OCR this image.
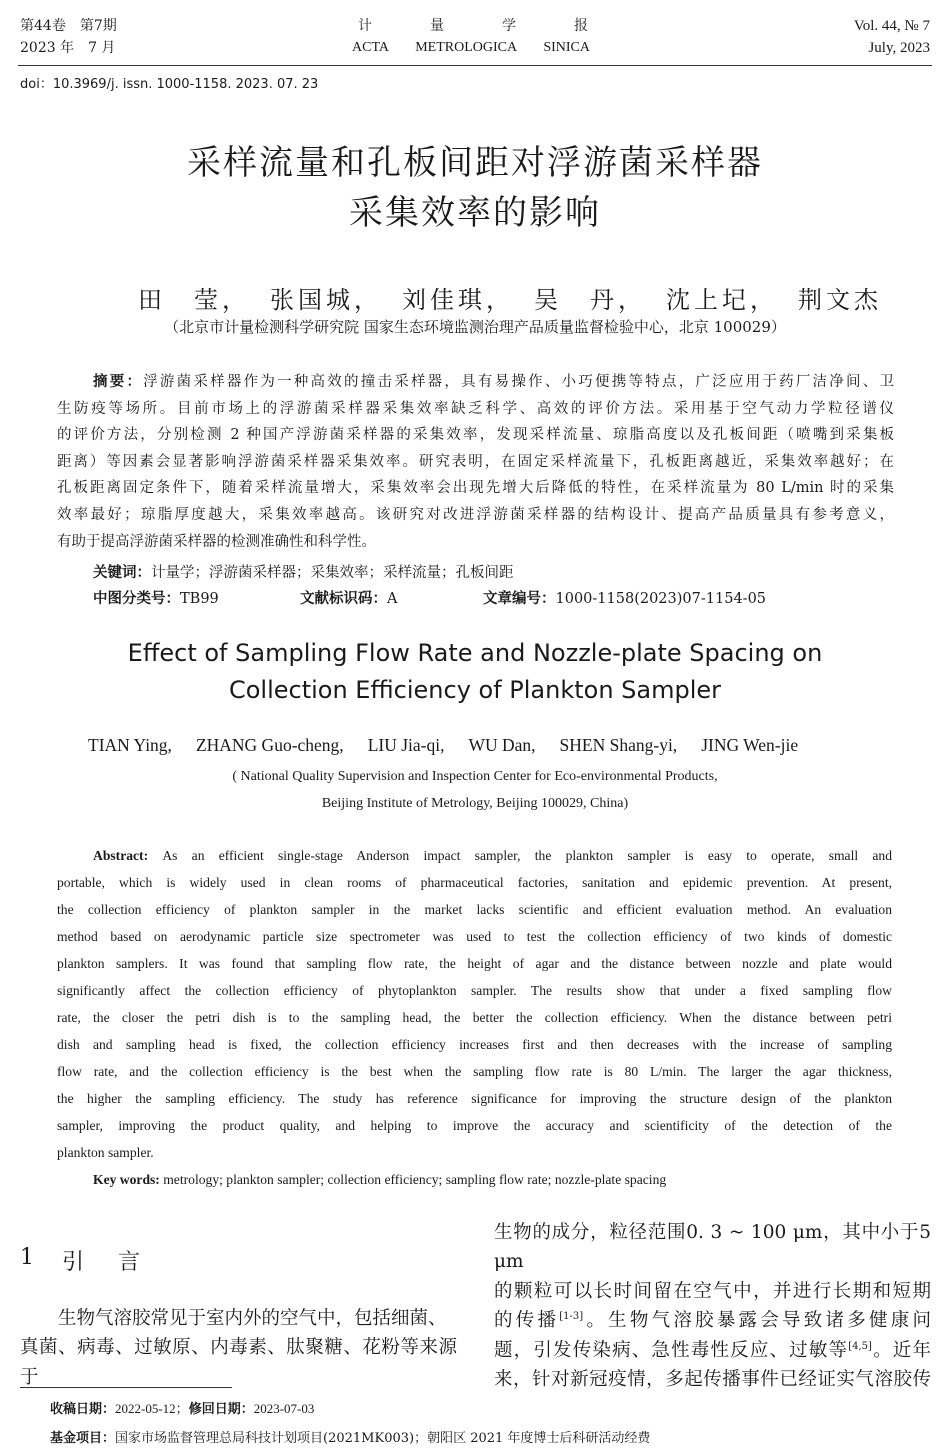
第44卷　 第7期
2023 年　7 月
计	量	学	报
ACTA METROLOGICA SINICA
Vol. 44, № 7
July, 2023
doi：10.3969/j. issn. 1000-1158. 2023. 07. 23
采样流量和孔板间距对浮游菌采样器
采集效率的影响
田　莹， 张国城， 刘佳琪， 吴　丹， 沈上圮， 荆文杰
（北京市计量检测科学研究院 国家生态环境监测治理产品质量监督检验中心，北京 100029）
摘要：浮游菌采样器作为一种高效的撞击采样器，具有易操作、小巧便携等特点，广泛应用于药厂洁净间、卫
生防疫等场所。目前市场上的浮游菌采样器采集效率缺乏科学、高效的评价方法。采用基于空气动力学粒径谱仪
的评价方法，分别检测 2 种国产浮游菌采样器的采集效率，发现采样流量、琼脂高度以及孔板间距（喷嘴到采集板
距离）等因素会显著影响浮游菌采样器采集效率。研究表明，在固定采样流量下，孔板距离越近，采集效率越好；在
孔板距离固定条件下，随着采样流量增大，采集效率会出现先增大后降低的特性，在采样流量为 80 L/min 时的采集
效率最好；琼脂厚度越大，采集效率越高。该研究对改进浮游菌采样器的结构设计、提高产品质量具有参考意义，
有助于提高浮游菌采样器的检测准确性和科学性。
关键词：计量学；浮游菌采样器；采集效率；采样流量；孔板间距
中图分类号：TB99	文献标识码：A	文章编号：1000-1158(2023)07-1154-05
Effect of Sampling Flow Rate and Nozzle-plate Spacing on
Collection Efficiency of Plankton Sampler
TIAN Ying, ZHANG Guo-cheng, LIU Jia-qi, WU Dan, SHEN Shang-yi, JING Wen-jie
( National Quality Supervision and Inspection Center for Eco-environmental Products,
Beijing Institute of Metrology, Beijing 100029, China)
Abstract: As an efficient single-stage Anderson impact sampler, the plankton sampler is easy to operate, small and
portable, which is widely used in clean rooms of pharmaceutical factories, sanitation and epidemic prevention. At present,
the collection efficiency of plankton sampler in the market lacks scientific and efficient evaluation method. An evaluation
method based on aerodynamic particle size spectrometer was used to test the collection efficiency of two kinds of domestic
plankton samplers. It was found that sampling flow rate, the height of agar and the distance between nozzle and plate would
significantly affect the collection efficiency of phytoplankton sampler. The results show that under a fixed sampling flow
rate, the closer the petri dish is to the sampling head, the better the collection efficiency. When the distance between petri
dish and sampling head is fixed, the collection efficiency increases first and then decreases with the increase of sampling
flow rate, and the collection efficiency is the best when the sampling flow rate is 80 L/min. The larger the agar thickness,
the higher the sampling efficiency. The study has reference significance for improving the structure design of the plankton
sampler, improving the product quality, and helping to improve the accuracy and scientificity of the detection of the
plankton sampler.
Key words: metrology; plankton sampler; collection efficiency; sampling flow rate; nozzle-plate spacing
1 引　言
生物气溶胶常见于室内外的空气中，包括细菌、
真菌、病毒、过敏原、内毒素、肽聚糖、花粉等来源于
生物的成分，粒径范围0. 3 ~ 100 μm，其中小于5 μm
的颗粒可以长时间留在空气中，并进行长期和短期
的传播[1-3]。生物气溶胶暴露会导致诸多健康问
题，引发传染病、急性毒性反应、过敏等[4,5]。近年
来，针对新冠疫情，多起传播事件已经证实气溶胶传
收稿日期：2022-05-12；修回日期：2023-07-03
基金项目：国家市场监督管理总局科技计划项目(2021MK003)；朝阳区 2021 年度博士后科研活动经费
